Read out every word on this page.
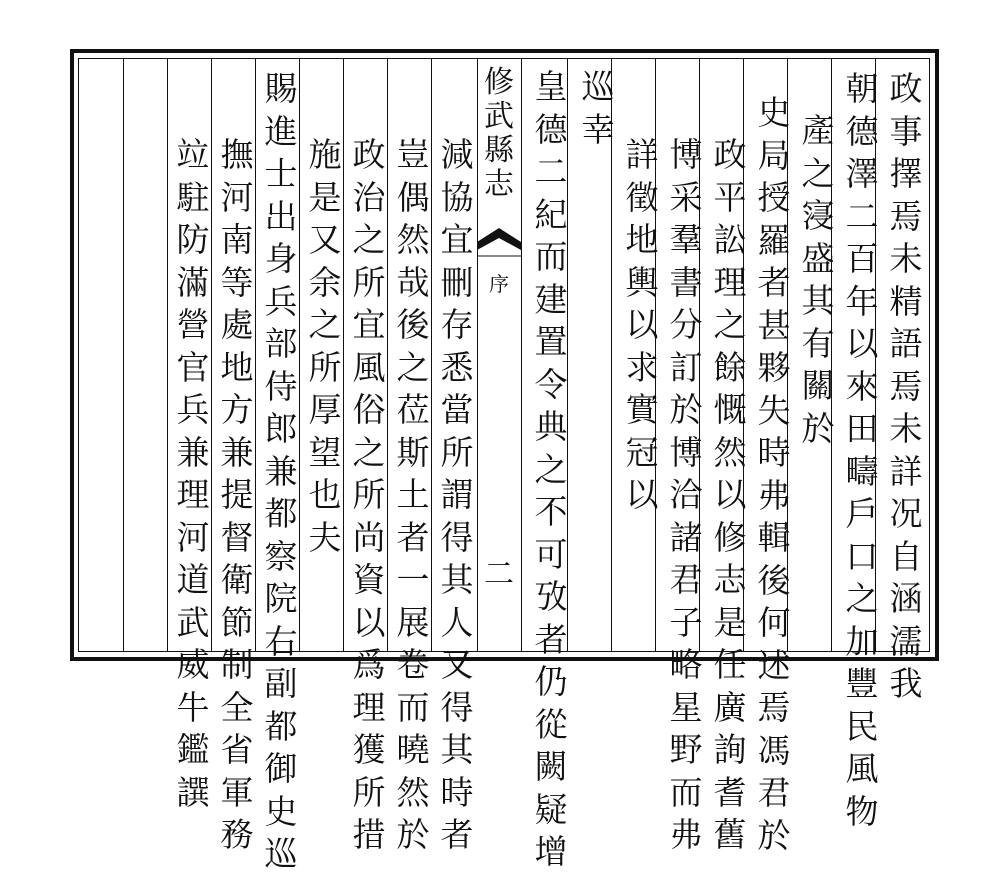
政事擇焉未精語焉未詳况自涵濡我
朝德澤二百年以來田疇戶口之加豐民風物
產之寖盛其有關於
史局授羅者甚夥失時弗輯後何述焉馮君於
政平訟理之餘慨然以修志是任廣詢耆舊
博采羣書分訂於博洽諸君子略星野而弗
詳徵地輿以求實冠以
巡幸
皇德二紀而建置令典之不可攷者仍從闕疑增
修武縣志
序
二
減協宜刪存悉當所謂得其人又得其時者
豈偶然哉後之莅斯土者一展卷而曉然於
政治之所宜風俗之所尚資以爲理獲所措
施是又余之所厚望也夫
賜進士出身兵部侍郎兼都察院右副都御史巡
撫河南等處地方兼提督衛節制全省軍務
竝駐防滿營官兵兼理河道武威牛鑑譔
